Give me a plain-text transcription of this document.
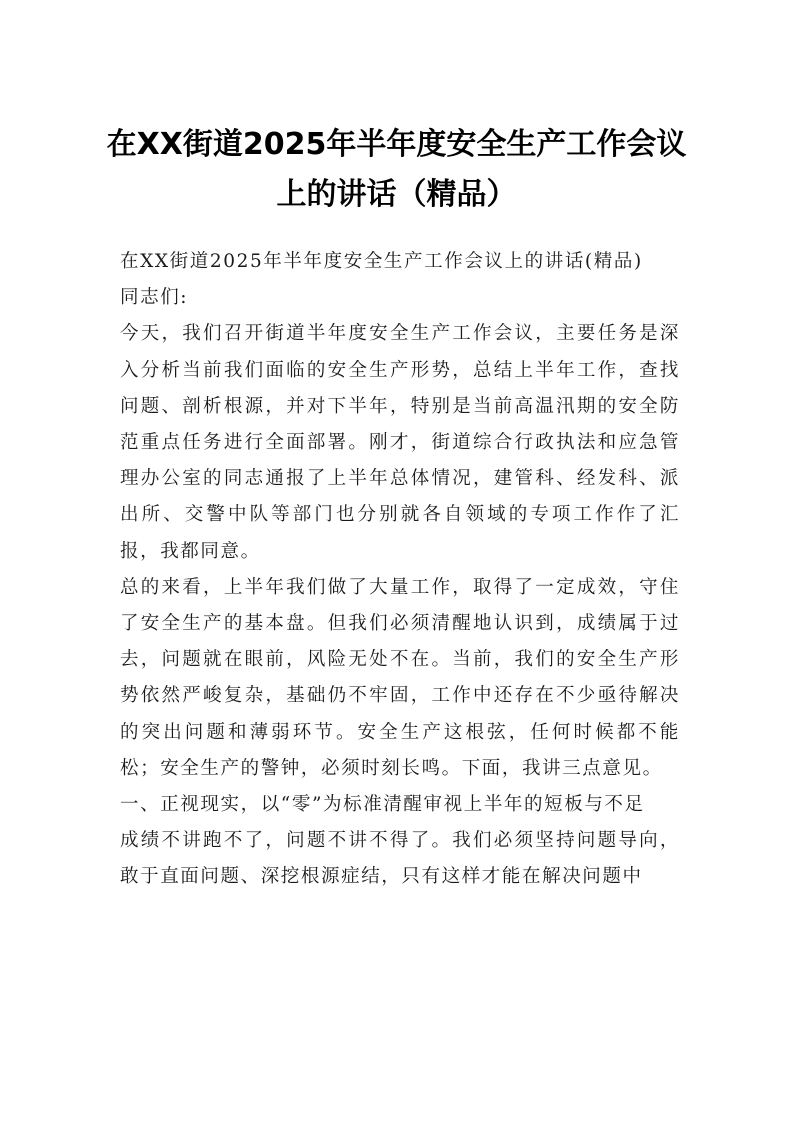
在XX街道2025年半年度安全生产工作会议
上的讲话（精品）

在XX街道2025年半年度安全生产工作会议上的讲话(精品)

同志们:

今天，我们召开街道半年度安全生产工作会议，主要任务是深入分析当前我们面临的安全生产形势，总结上半年工作，查找问题、剖析根源，并对下半年，特别是当前高温汛期的安全防范重点任务进行全面部署。刚才，街道综合行政执法和应急管理办公室的同志通报了上半年总体情况，建管科、经发科、派出所、交警中队等部门也分别就各自领域的专项工作作了汇报，我都同意。

总的来看，上半年我们做了大量工作，取得了一定成效，守住了安全生产的基本盘。但我们必须清醒地认识到，成绩属于过去，问题就在眼前，风险无处不在。当前，我们的安全生产形势依然严峻复杂，基础仍不牢固，工作中还存在不少亟待解决的突出问题和薄弱环节。安全生产这根弦，任何时候都不能松；安全生产的警钟，必须时刻长鸣。下面，我讲三点意见。

一、正视现实，以“零”为标准清醒审视上半年的短板与不足

成绩不讲跑不了，问题不讲不得了。我们必须坚持问题导向，敢于直面问题、深挖根源症结，只有这样才能在解决问题中
